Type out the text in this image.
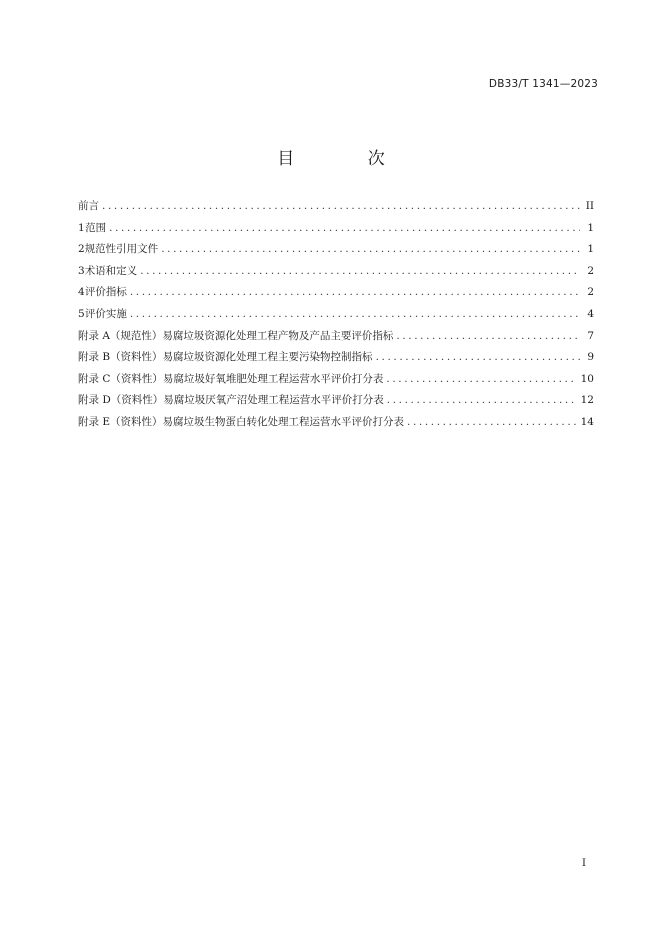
DB33/T 1341—2023
目 次
前言 .....	II
1 范围 .....	1
2 规范性引用文件 .....	1
3 术语和定义 .....	2
4 评价指标 .....	2
5 评价实施 .....	4
附录 A （规范性） 易腐垃圾资源化处理工程产物及产品主要评价指标 .....	7
附录 B （资料性） 易腐垃圾资源化处理工程主要污染物控制指标 .....	9
附录 C （资料性） 易腐垃圾好氧堆肥处理工程运营水平评价打分表 .....	10
附录 D （资料性） 易腐垃圾厌氧产沼处理工程运营水平评价打分表 .....	12
附录 E （资料性） 易腐垃圾生物蛋白转化处理工程运营水平评价打分表 .....	14
I
